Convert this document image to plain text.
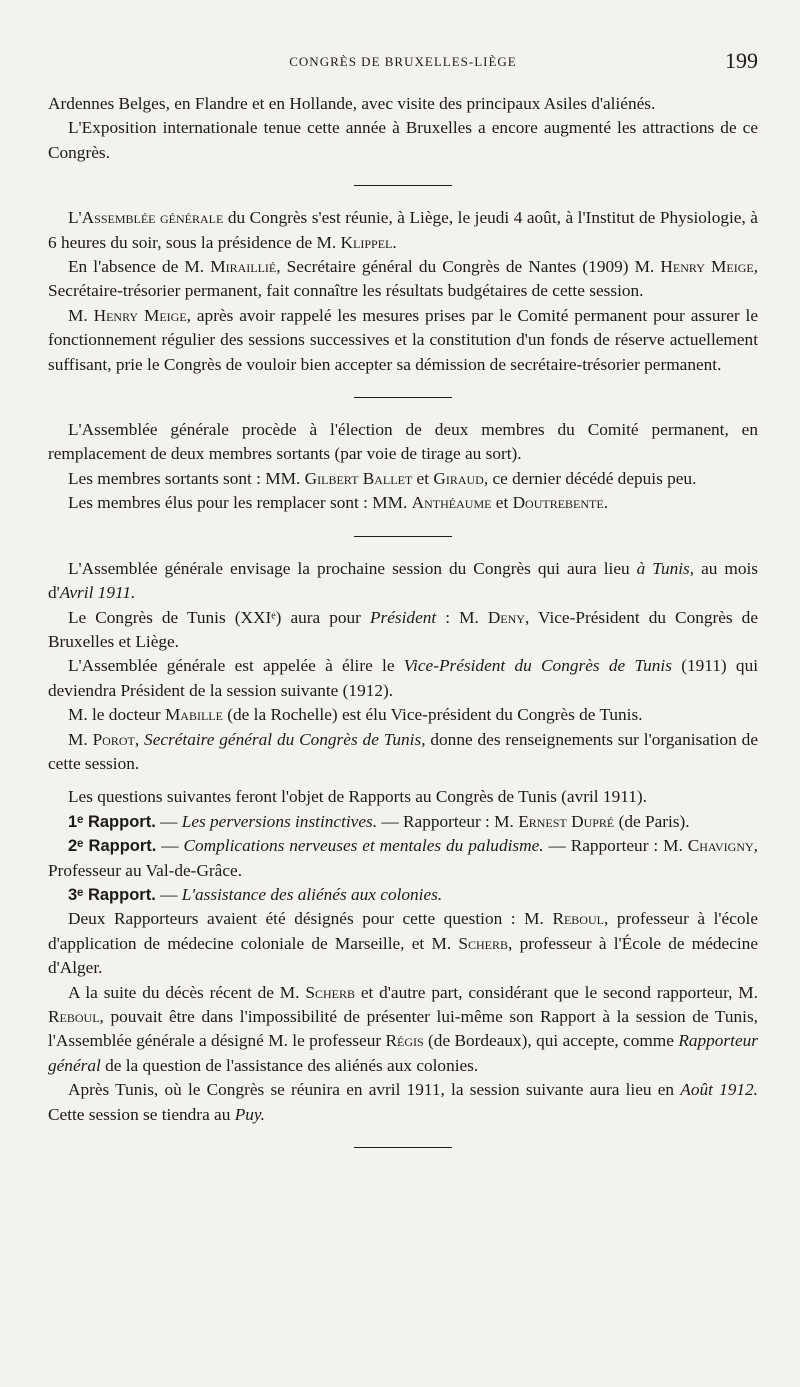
CONGRÈS DE BRUXELLES-LIÈGE	199

Ardennes Belges, en Flandre et en Hollande, avec visite des principaux Asiles d'aliénés.

L'Exposition internationale tenue cette année à Bruxelles a encore augmenté les attractions de ce Congrès.

L'Assemblée générale du Congrès s'est réunie, à Liège, le jeudi 4 août, à l'Institut de Physiologie, à 6 heures du soir, sous la présidence de M. Klippel.

En l'absence de M. Miraillié, Secrétaire général du Congrès de Nantes (1909) M. Henry Meige, Secrétaire-trésorier permanent, fait connaître les résultats budgétaires de cette session.

M. Henry Meige, après avoir rappelé les mesures prises par le Comité permanent pour assurer le fonctionnement régulier des sessions successives et la constitution d'un fonds de réserve actuellement suffisant, prie le Congrès de vouloir bien accepter sa démission de secrétaire-trésorier permanent.

L'Assemblée générale procède à l'élection de deux membres du Comité permanent, en remplacement de deux membres sortants (par voie de tirage au sort).

Les membres sortants sont : MM. Gilbert Ballet et Giraud, ce dernier décédé depuis peu.

Les membres élus pour les remplacer sont : MM. Anthéaume et Doutrebente.

L'Assemblée générale envisage la prochaine session du Congrès qui aura lieu à Tunis, au mois d'Avril 1911.

Le Congrès de Tunis (XXIᵉ) aura pour Président : M. Deny, Vice-Président du Congrès de Bruxelles et Liège.

L'Assemblée générale est appelée à élire le Vice-Président du Congrès de Tunis (1911) qui deviendra Président de la session suivante (1912).

M. le docteur Mabille (de la Rochelle) est élu Vice-président du Congrès de Tunis.

M. Porot, Secrétaire général du Congrès de Tunis, donne des renseignements sur l'organisation de cette session.

Les questions suivantes feront l'objet de Rapports au Congrès de Tunis (avril 1911).

1ᵉ Rapport. — Les perversions instinctives. — Rapporteur : M. Ernest Dupré (de Paris).

2ᵉ Rapport. — Complications nerveuses et mentales du paludisme. — Rapporteur : M. Chavigny, Professeur au Val-de-Grâce.

3ᵉ Rapport. — L'assistance des aliénés aux colonies.

Deux Rapporteurs avaient été désignés pour cette question : M. Reboul, professeur à l'école d'application de médecine coloniale de Marseille, et M. Scherb, professeur à l'École de médecine d'Alger.

A la suite du décès récent de M. Scherb et d'autre part, considérant que le second rapporteur, M. Reboul, pouvait être dans l'impossibilité de présenter lui-même son Rapport à la session de Tunis, l'Assemblée générale a désigné M. le professeur Régis (de Bordeaux), qui accepte, comme Rapporteur général de la question de l'assistance des aliénés aux colonies.

Après Tunis, où le Congrès se réunira en avril 1911, la session suivante aura lieu en Août 1912. Cette session se tiendra au Puy.
